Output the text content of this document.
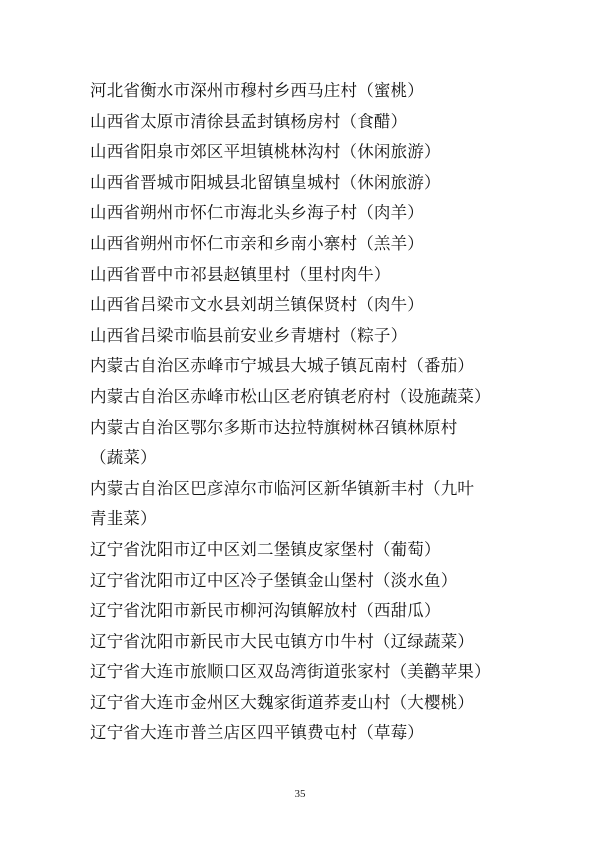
河北省衡水市深州市穆村乡西马庄村（蜜桃）
山西省太原市清徐县孟封镇杨房村（食醋）
山西省阳泉市郊区平坦镇桃林沟村（休闲旅游）
山西省晋城市阳城县北留镇皇城村（休闲旅游）
山西省朔州市怀仁市海北头乡海子村（肉羊）
山西省朔州市怀仁市亲和乡南小寨村（羔羊）
山西省晋中市祁县赵镇里村（里村肉牛）
山西省吕梁市文水县刘胡兰镇保贤村（肉牛）
山西省吕梁市临县前安业乡青塘村（粽子）
内蒙古自治区赤峰市宁城县大城子镇瓦南村（番茄）
内蒙古自治区赤峰市松山区老府镇老府村（设施蔬菜）
内蒙古自治区鄂尔多斯市达拉特旗树林召镇林原村
（蔬菜）
内蒙古自治区巴彦淖尔市临河区新华镇新丰村（九叶
青韭菜）
辽宁省沈阳市辽中区刘二堡镇皮家堡村（葡萄）
辽宁省沈阳市辽中区冷子堡镇金山堡村（淡水鱼）
辽宁省沈阳市新民市柳河沟镇解放村（西甜瓜）
辽宁省沈阳市新民市大民屯镇方巾牛村（辽绿蔬菜）
辽宁省大连市旅顺口区双岛湾街道张家村（美鹳苹果）
辽宁省大连市金州区大魏家街道荞麦山村（大樱桃）
辽宁省大连市普兰店区四平镇费屯村（草莓）
35
